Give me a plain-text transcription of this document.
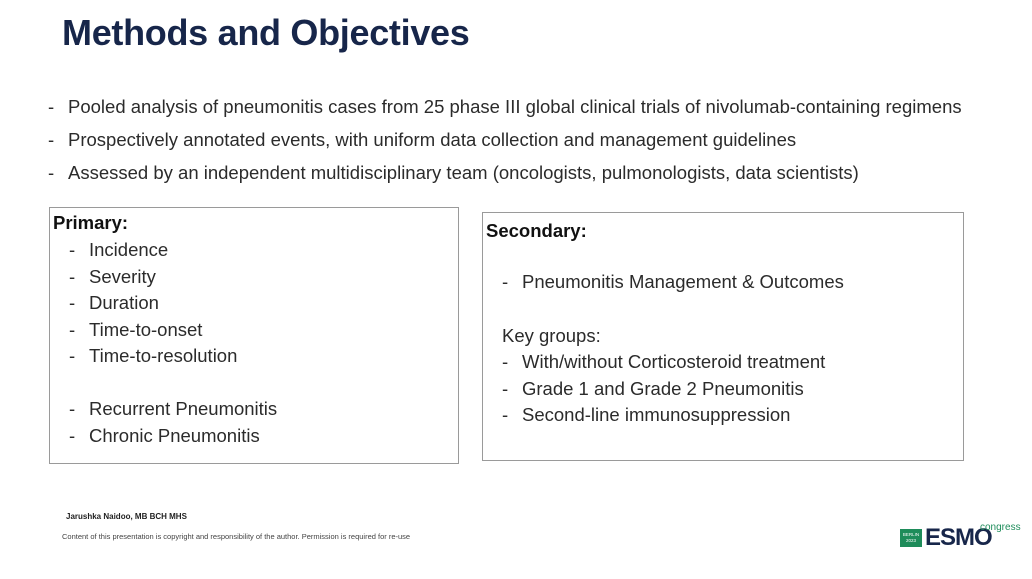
Methods and Objectives
- Pooled analysis of pneumonitis cases from 25 phase III global clinical trials of nivolumab-containing regimens
- Prospectively annotated events, with uniform data collection and management guidelines
- Assessed by an independent multidisciplinary team (oncologists, pulmonologists, data scientists)
Primary:
- Incidence
- Severity
- Duration
- Time-to-onset
- Time-to-resolution
- Recurrent Pneumonitis
- Chronic Pneumonitis
Secondary:
- Pneumonitis Management & Outcomes
Key groups:
- With/without Corticosteroid treatment
- Grade 1 and Grade 2 Pneumonitis
- Second-line immunosuppression
Jarushka Naidoo, MB BCH MHS
Content of this presentation is copyright and responsibility of the author. Permission is required for re-use	BERLIN 2023 ESMO
congress
